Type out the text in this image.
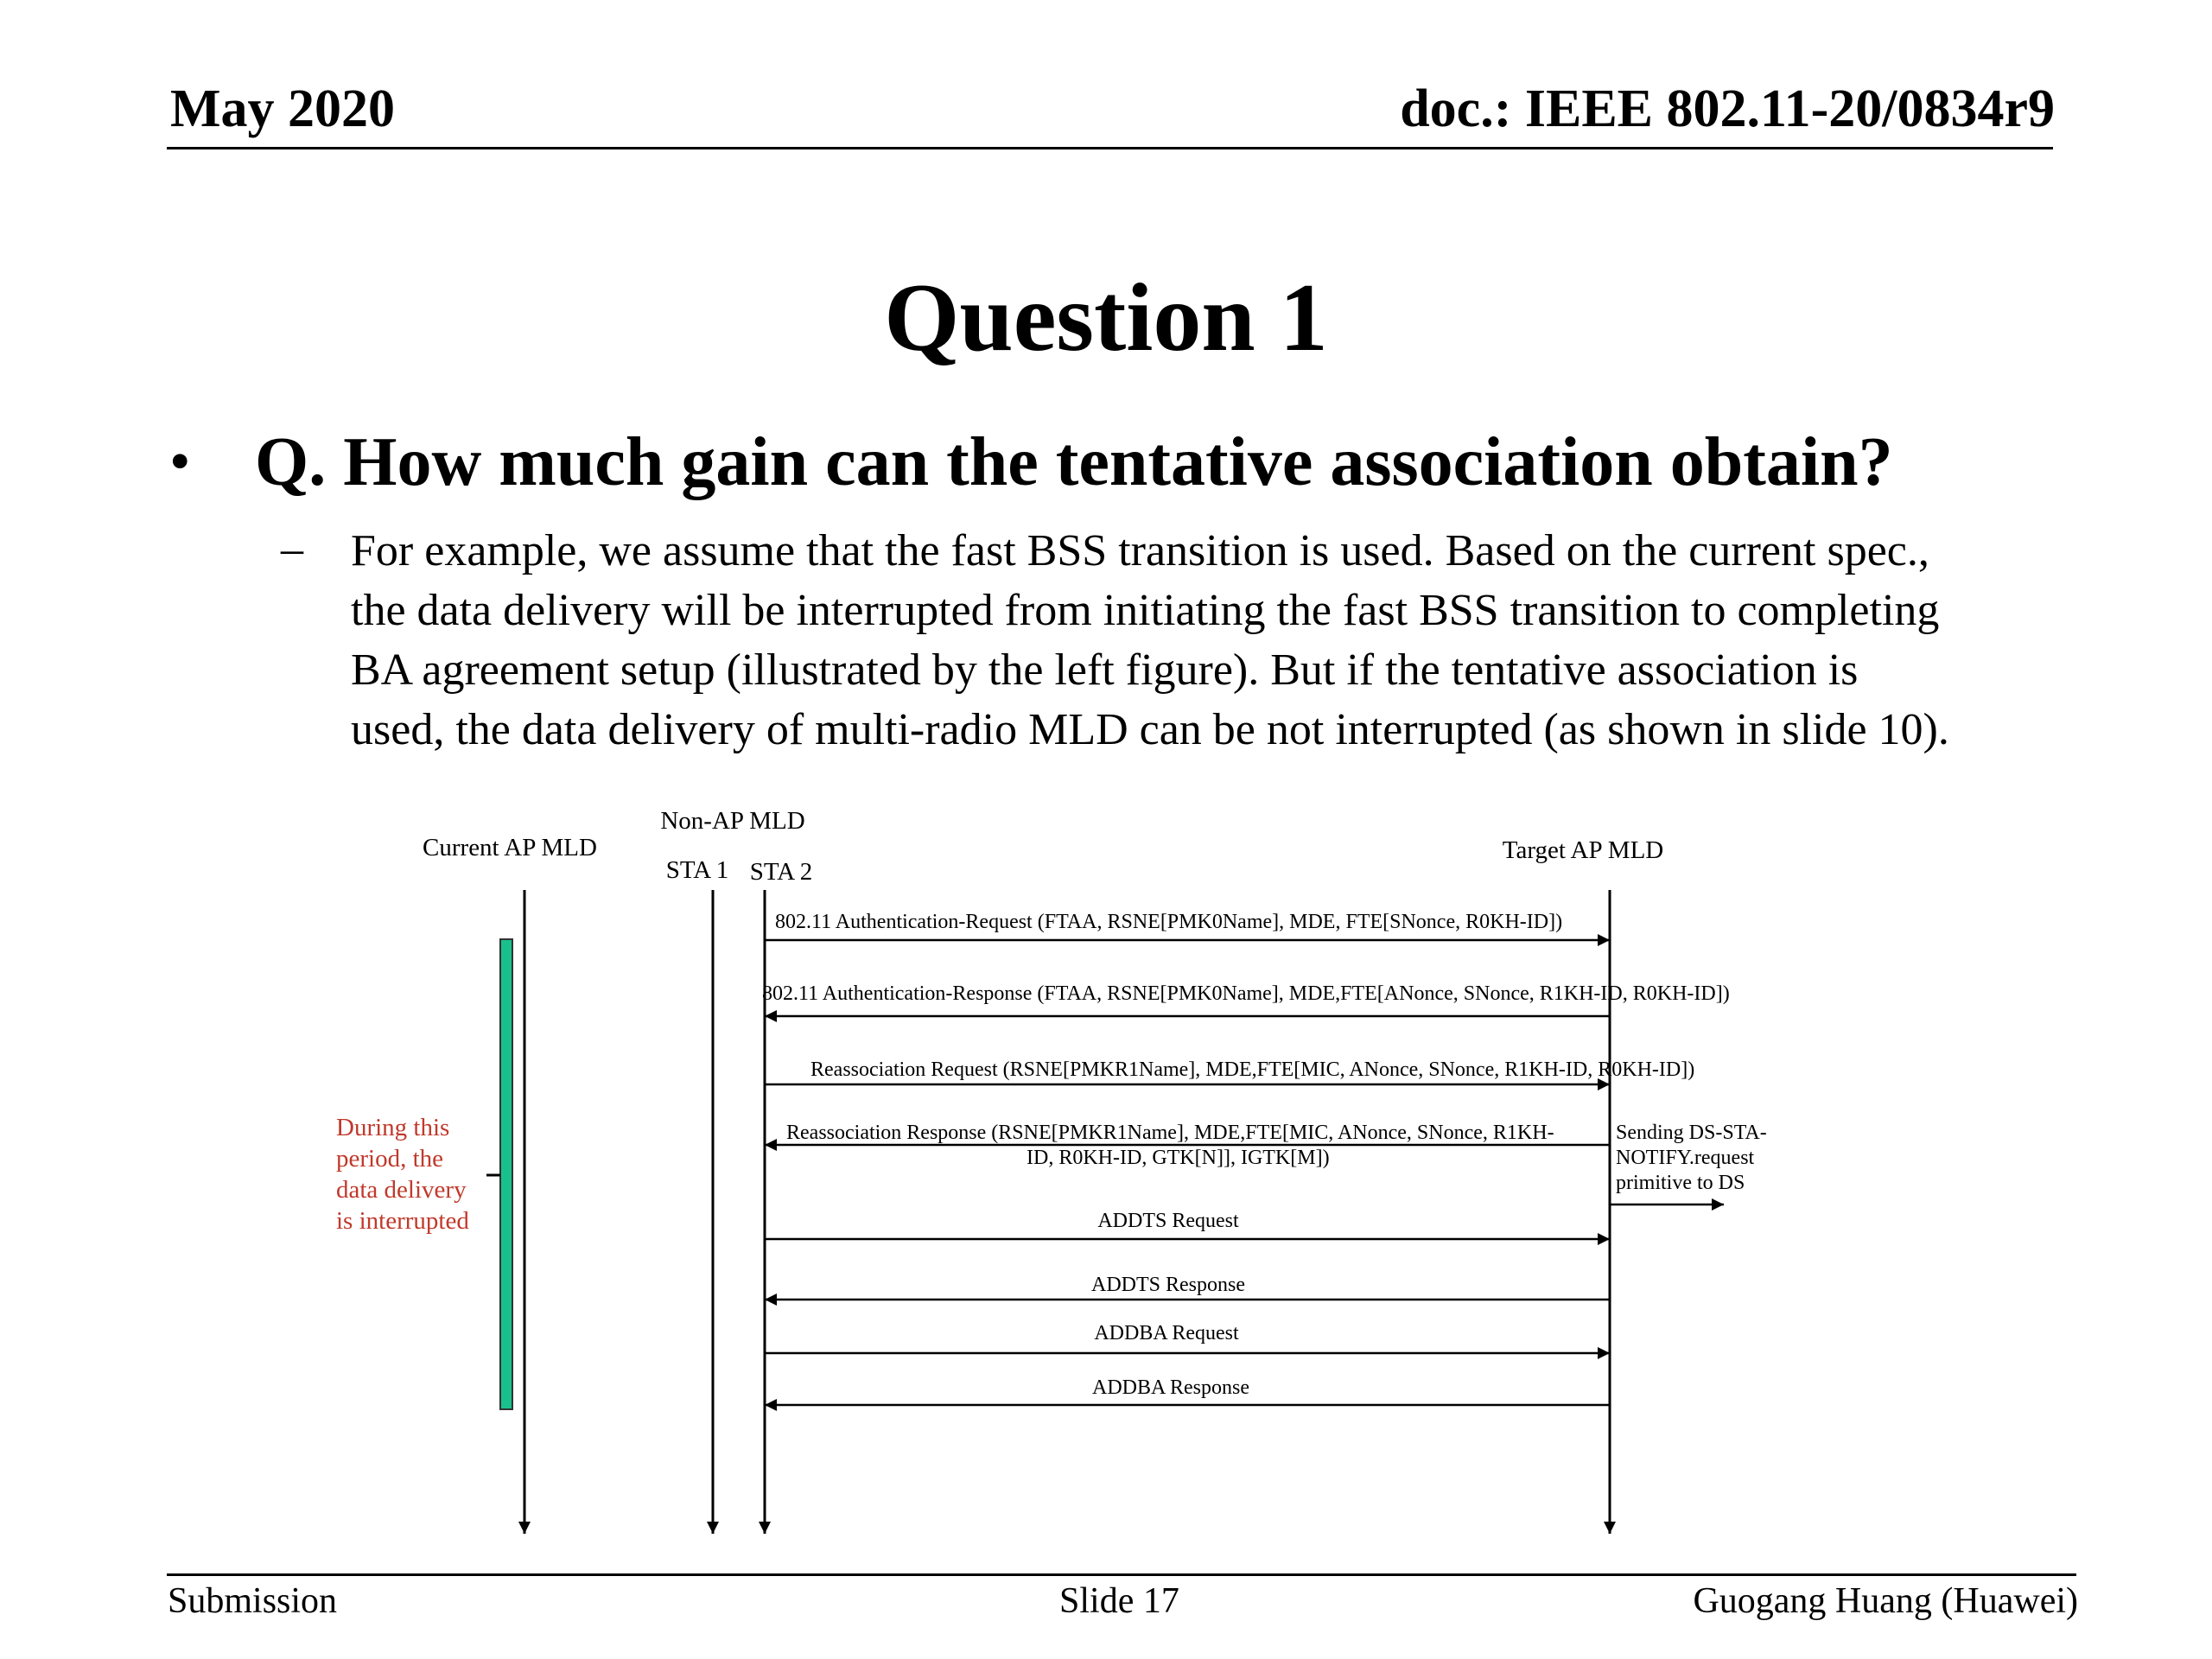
May 2020	doc.: IEEE 802.11-20/0834r9
Question 1
• Q. How much gain can the tentative association obtain?
– For example, we assume that the fast BSS transition is used. Based on the current spec.,
the data delivery will be interrupted from initiating the fast BSS transition to completing
BA agreement setup (illustrated by the left figure). But if the tentative association is
used, the data delivery of multi-radio MLD can be not interrupted (as shown in slide 10).
Current AP MLD
Non-AP MLD
STA 1 STA 2
Target AP MLD
During this period, the data delivery is interrupted
802.11 Authentication-Request (FTAA, RSNE[PMK0Name], MDE, FTE[SNonce, R0KH-ID])
802.11 Authentication-Response (FTAA, RSNE[PMK0Name], MDE,FTE[ANonce, SNonce, R1KH-ID, R0KH-ID])
Reassociation Request (RSNE[PMKR1Name], MDE,FTE[MIC, ANonce, SNonce, R1KH-ID, R0KH-ID])
Reassociation Response (RSNE[PMKR1Name], MDE,FTE[MIC, ANonce, SNonce, R1KH- ID, R0KH-ID, GTK[N]], IGTK[M])
ADDTS Request
ADDTS Response
ADDBA Request
ADDBA Response
Sending DS-STA- NOTIFY.request primitive to DS
Submission	Slide 17	Guogang Huang (Huawei)
